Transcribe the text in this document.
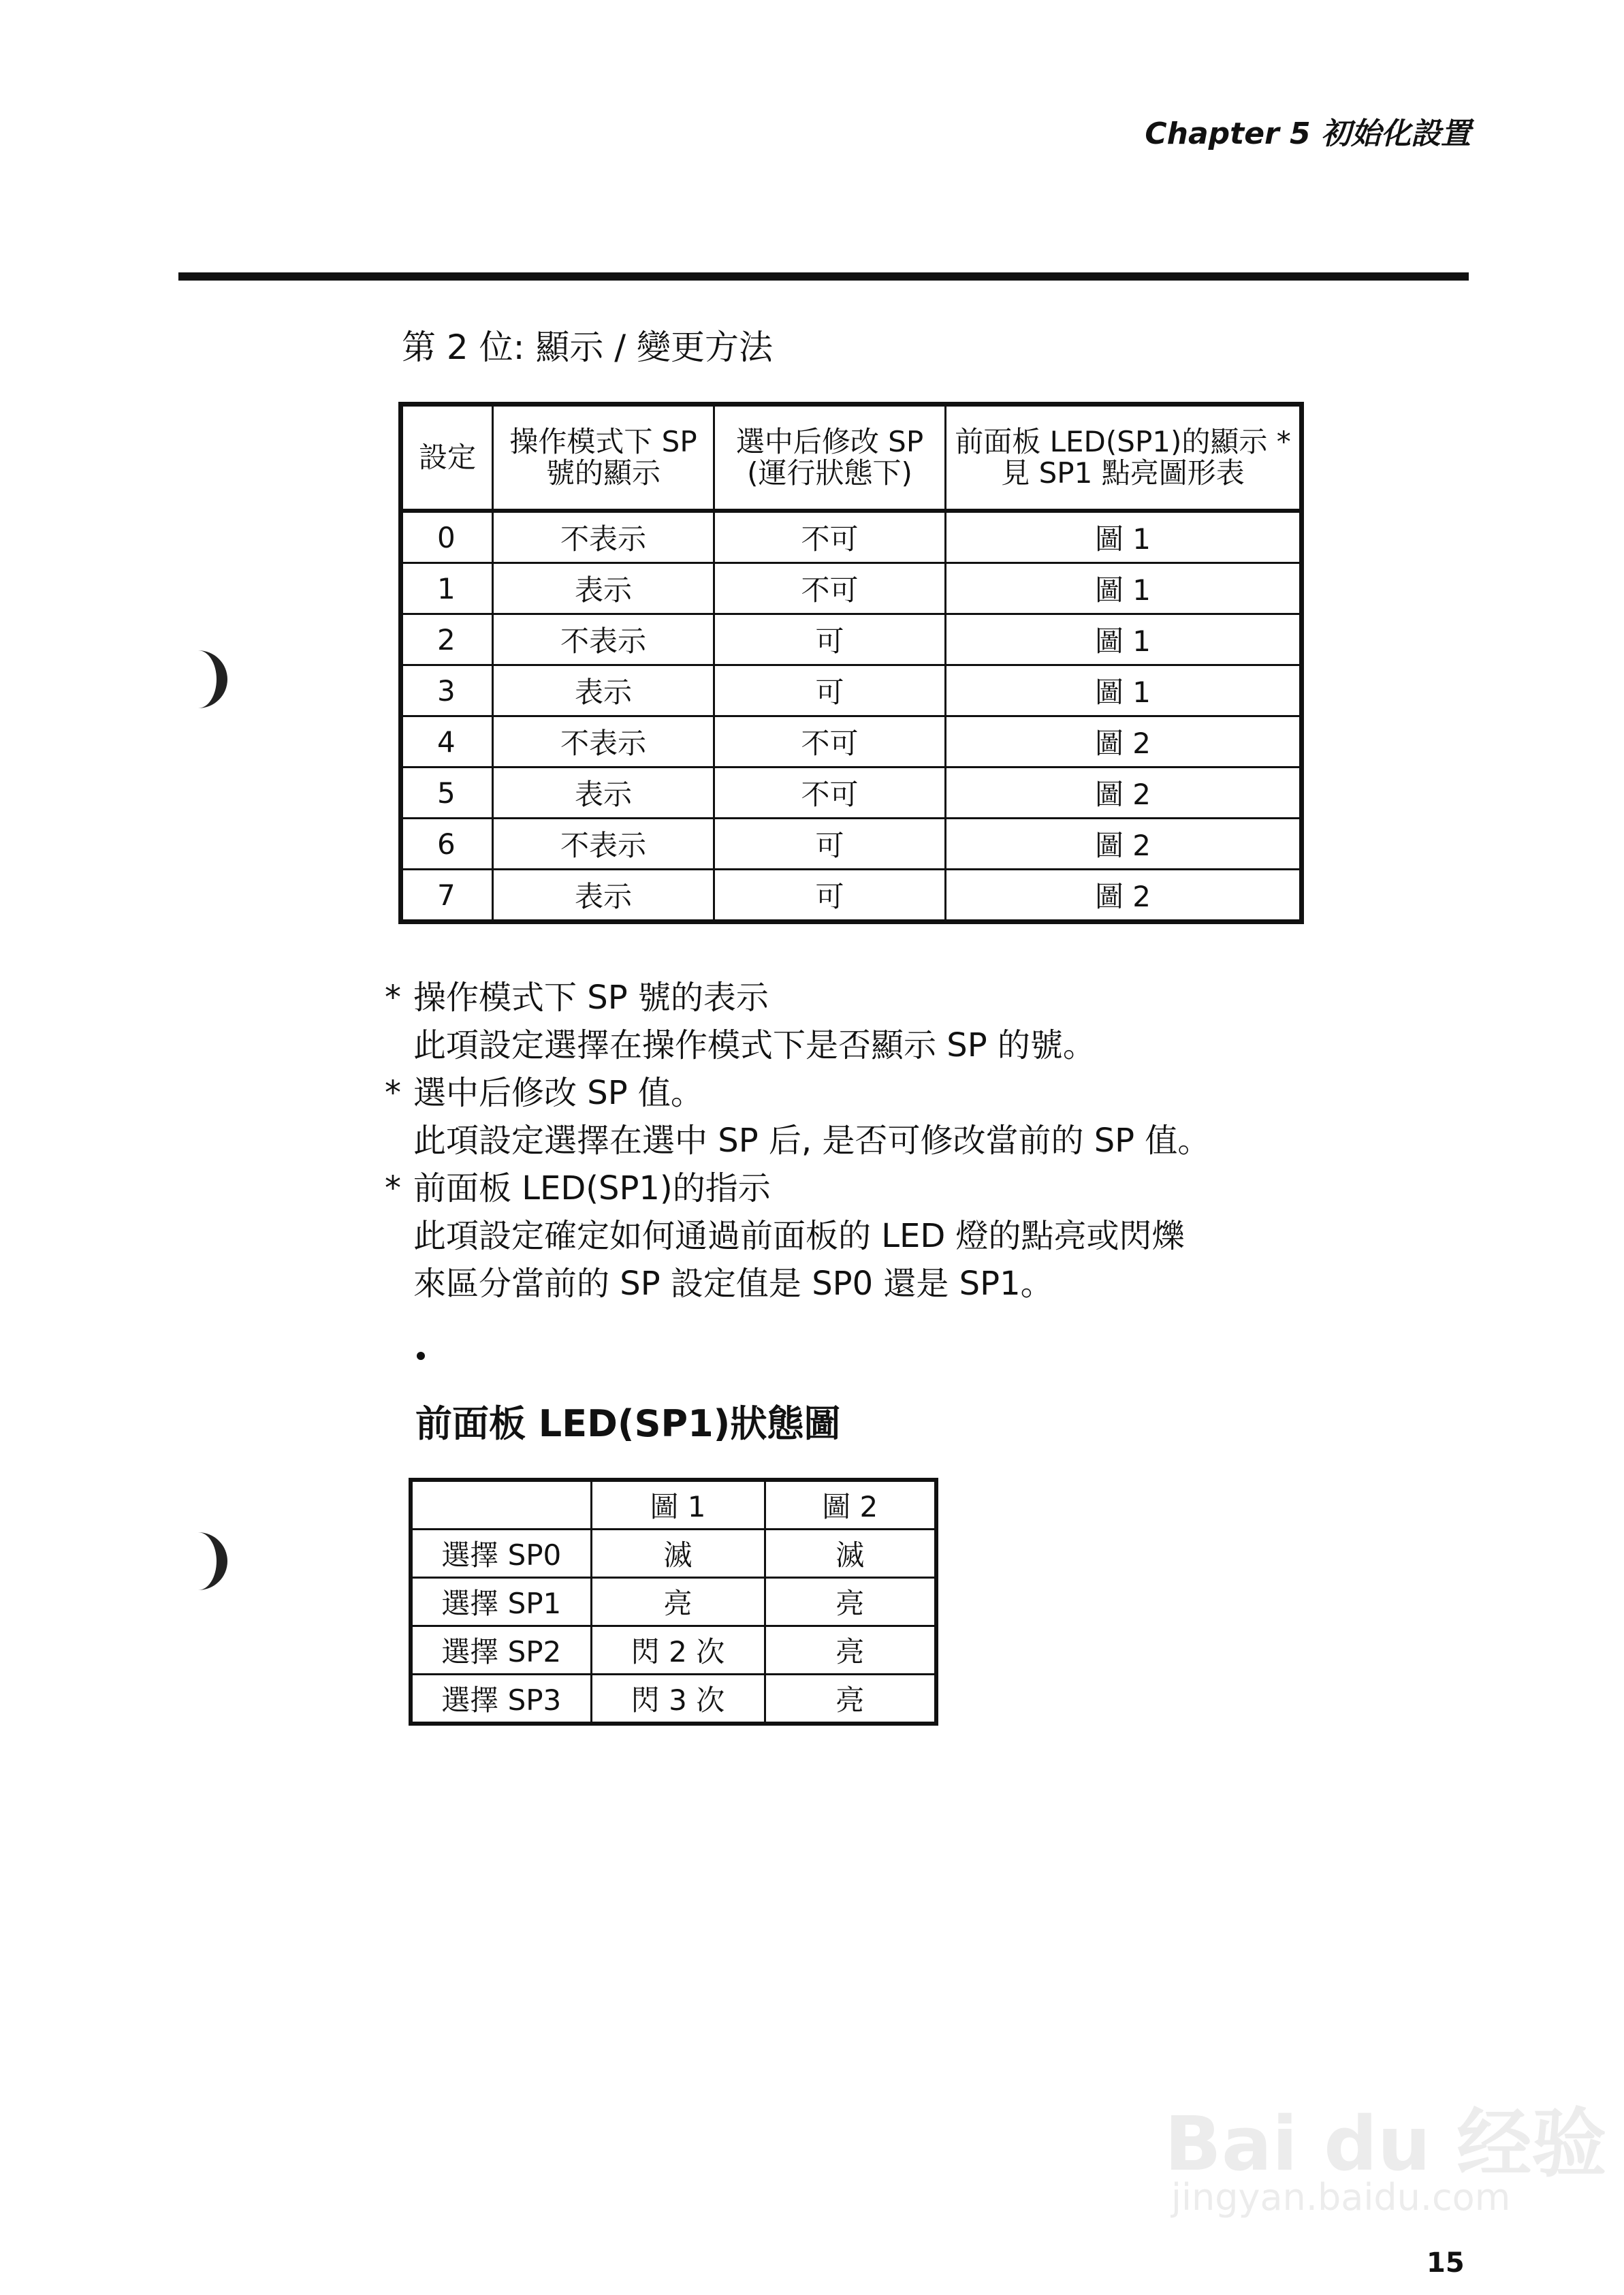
Chapter 5 初始化設置
第 2 位: 顯示 / 變更方法
設定	操作模式下 SP 號的顯示	選中后修改 SP (運行狀態下)	前面板 LED(SP1)的顯示 * 見 SP1 點亮圖形表
0	不表示	不可	圖 1
1	表示	不可	圖 1
2	不表示	可	圖 1
3	表示	可	圖 1
4	不表示	不可	圖 2
5	表示	不可	圖 2
6	不表示	可	圖 2
7	表示	可	圖 2
* 操作模式下 SP 號的表示
此項設定選擇在操作模式下是否顯示 SP 的號。
* 選中后修改 SP 值。
此項設定選擇在選中 SP 后, 是否可修改當前的 SP 值。
* 前面板 LED(SP1)的指示
此項設定確定如何通過前面板的 LED 燈的點亮或閃爍
來區分當前的 SP 設定值是 SP0 還是 SP1。
前面板 LED(SP1)狀態圖
	圖 1	圖 2
選擇 SP0	滅	滅
選擇 SP1	亮	亮
選擇 SP2	閃 2 次	亮
選擇 SP3	閃 3 次	亮
Bai du 经验
jingyan.baidu.com
15
